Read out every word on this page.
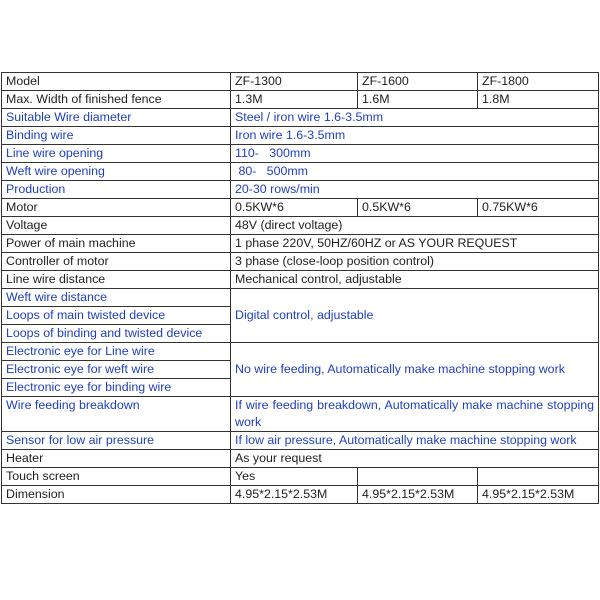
Model	ZF-1300	ZF-1600	ZF-1800
Max. Width of finished fence	1.3M	1.6M	1.8M
Suitable Wire diameter	Steel / iron wire 1.6-3.5mm		
Binding wire	Iron wire 1.6-3.5mm		
Line wire opening	110-   300mm		
Weft wire opening	80-   500mm		
Production	20-30 rows/min		
Motor	0.5KW*6	0.5KW*6	0.75KW*6
Voltage	48V (direct voltage)		
Power of main machine	1 phase 220V, 50HZ/60HZ or AS YOUR REQUEST		
Controller of motor	3 phase (close-loop position control)		
Line wire distance	Mechanical control, adjustable		
Weft wire distance	Digital control, adjustable		
Loops of main twisted device			
Loops of binding and twisted device			
Electronic eye for Line wire	No wire feeding, Automatically make machine stopping work		
Electronic eye for weft wire			
Electronic eye for binding wire			
Wire feeding breakdown	If wire feeding breakdown, Automatically make machine stopping work		
Sensor for low air pressure	If low air pressure, Automatically make machine stopping work		
Heater	As your request		
Touch screen	Yes		
Dimension	4.95*2.15*2.53M	4.95*2.15*2.53M	4.95*2.15*2.53M
